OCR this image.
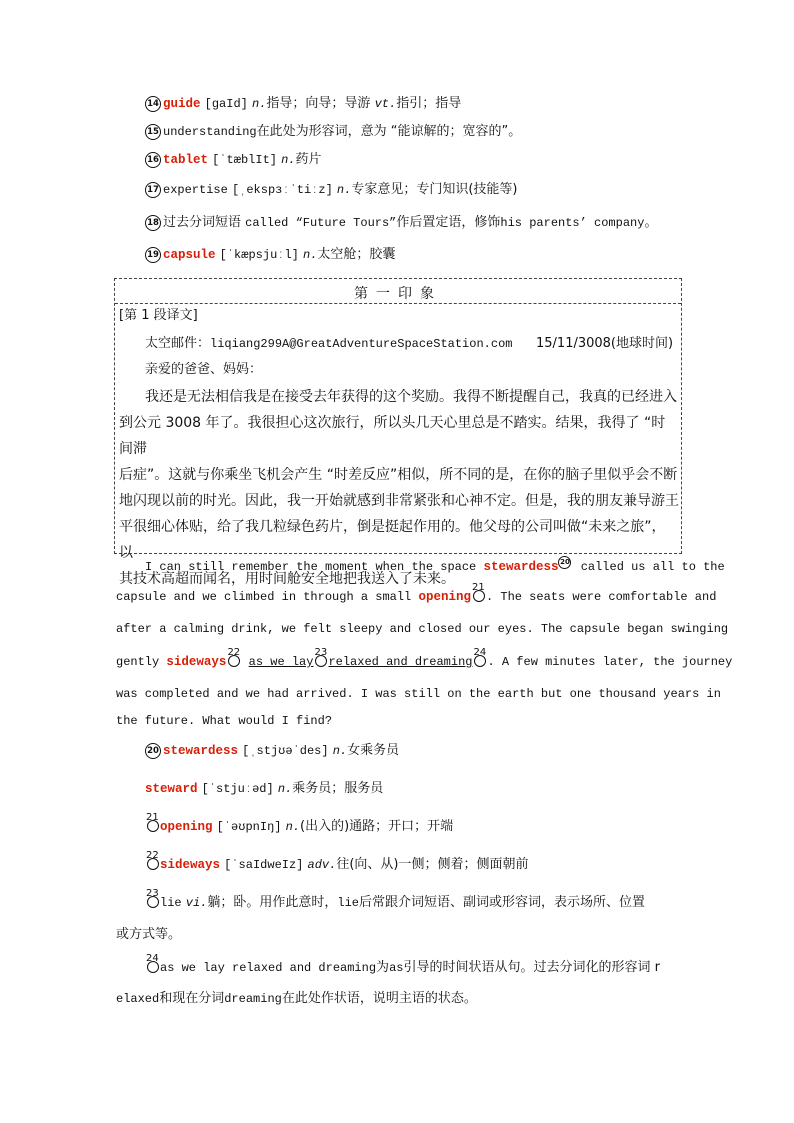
14 guide [ɡaId] n.指导；向导；导游 vt.指引；指导
15 understanding在此处为形容词，意为 “能谅解的；宽容的”。
16 tablet [ˈtæblIt] n.药片
17 expertise [ˌekspɜːˈtiːz] n.专家意见；专门知识(技能等)
18 过去分词短语 called “Future Tours”作后置定语，修饰his parents’ company。
19 capsule [ˈkæpsjuːl] n.太空舱；胶囊
第一印象
[第 1 段译文]
太空邮件：liqiang299A@GreatAdventureSpaceStation.com 15/11/3008(地球时间)
亲爱的爸爸、妈妈：
我还是无法相信我是在接受去年获得的这个奖励。我得不断提醒自己，我真的已经进入
到公元 3008 年了。我很担心这次旅行，所以头几天心里总是不踏实。结果，我得了 “时间滞
后症”。这就与你乘坐飞机会产生 “时差反应”相似，所不同的是，在你的脑子里似乎会不断
地闪现以前的时光。因此，我一开始就感到非常紧张和心神不定。但是，我的朋友兼导游王
平很细心体贴，给了我几粒绿色药片，倒是挺起作用的。他父母的公司叫做“未来之旅”，以
其技术高超而闻名，用时间舱安全地把我送入了未来。
I can still remember the moment when the space stewardess 20 called us all to the
capsule and we climbed in through a small opening
21
. The seats were comfortable and
after a calming drink, we felt sleepy and closed our eyes. The capsule began swinging
gently sideways
22
as we lay
23
relaxed and dreaming
24
. A few minutes later, the journey
was completed and we had arrived. I was still on the earth but one thousand years in
the future. What would I find?
20 stewardess [ˌstjʊəˈdes] n.女乘务员
steward [ˈstjuːəd] n.乘务员；服务员
21
opening [ˈəʊpnIŋ] n.(出入的)通路；开口；开端
22
sideways [ˈsaIdweIz] adv.往(向、从)一侧；侧着；侧面朝前
23
lie vi.躺；卧。用作此意时，lie后常跟介词短语、副词或形容词，表示场所、位置
或方式等。
24
as we lay relaxed and dreaming为as引导的时间状语从句。过去分词化的形容词 r
elaxed和现在分词dreaming在此处作状语，说明主语的状态。
